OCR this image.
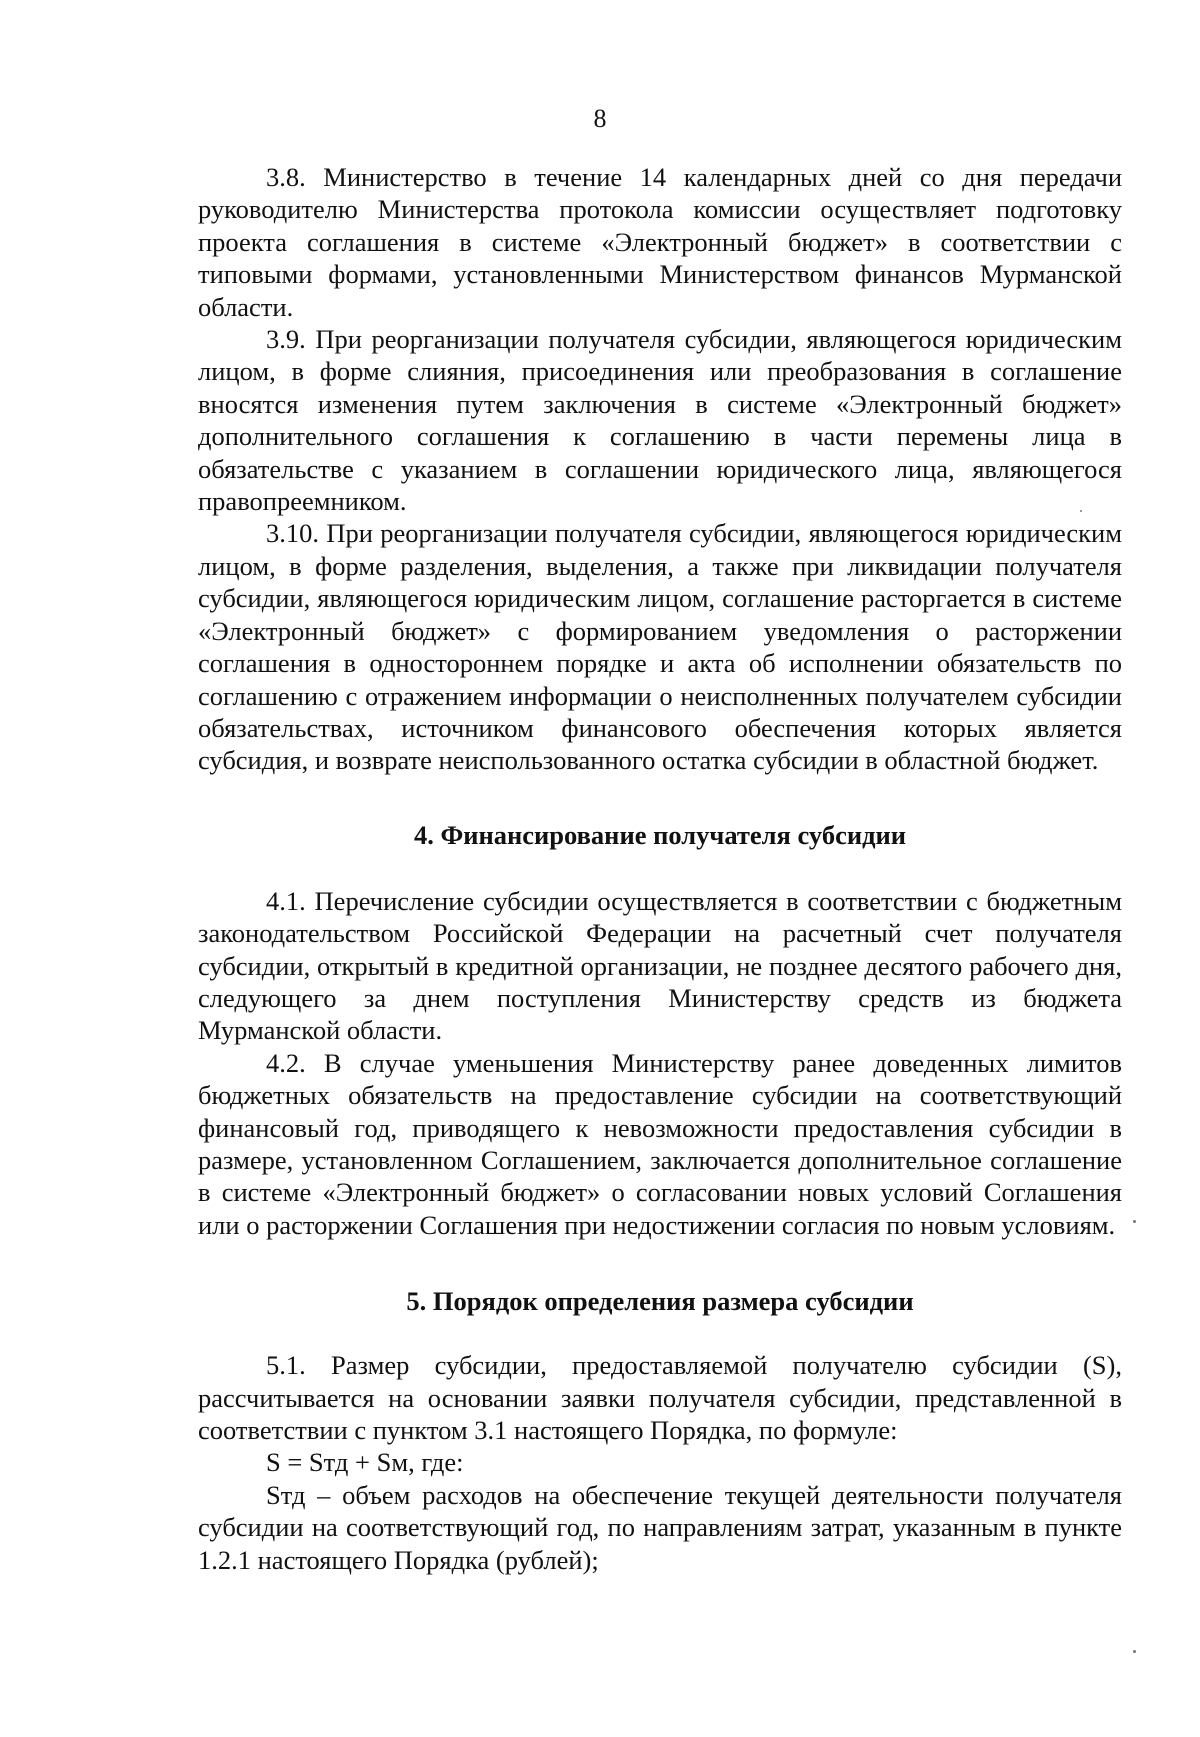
8

3.8. Министерство в течение 14 календарных дней со дня передачи руководителю Министерства протокола комиссии осуществляет подготовку проекта соглашения в системе «Электронный бюджет» в соответствии с типовыми формами, установленными Министерством финансов Мурманской области.

3.9. При реорганизации получателя субсидии, являющегося юридическим лицом, в форме слияния, присоединения или преобразования в соглашение вносятся изменения путем заключения в системе «Электронный бюджет» дополнительного соглашения к соглашению в части перемены лица в обязательстве с указанием в соглашении юридического лица, являющегося правопреемником.

3.10. При реорганизации получателя субсидии, являющегося юридическим лицом, в форме разделения, выделения, а также при ликвидации получателя субсидии, являющегося юридическим лицом, соглашение расторгается в системе «Электронный бюджет» с формированием уведомления о расторжении соглашения в одностороннем порядке и акта об исполнении обязательств по соглашению с отражением информации о неисполненных получателем субсидии обязательствах, источником финансового обеспечения которых является субсидия, и возврате неиспользованного остатка субсидии в областной бюджет.

4. Финансирование получателя субсидии

4.1. Перечисление субсидии осуществляется в соответствии с бюджетным законодательством Российской Федерации на расчетный счет получателя субсидии, открытый в кредитной организации, не позднее десятого рабочего дня, следующего за днем поступления Министерству средств из бюджета Мурманской области.

4.2. В случае уменьшения Министерству ранее доведенных лимитов бюджетных обязательств на предоставление субсидии на соответствующий финансовый год, приводящего к невозможности предоставления субсидии в размере, установленном Соглашением, заключается дополнительное соглашение в системе «Электронный бюджет» о согласовании новых условий Соглашения или о расторжении Соглашения при недостижении согласия по новым условиям.

5. Порядок определения размера субсидии

5.1. Размер субсидии, предоставляемой получателю субсидии (S), рассчитывается на основании заявки получателя субсидии, представленной в соответствии с пунктом 3.1 настоящего Порядка, по формуле:

S = Sтд + Sм, где:

Sтд – объем расходов на обеспечение текущей деятельности получателя субсидии на соответствующий год, по направлениям затрат, указанным в пункте 1.2.1 настоящего Порядка (рублей);
